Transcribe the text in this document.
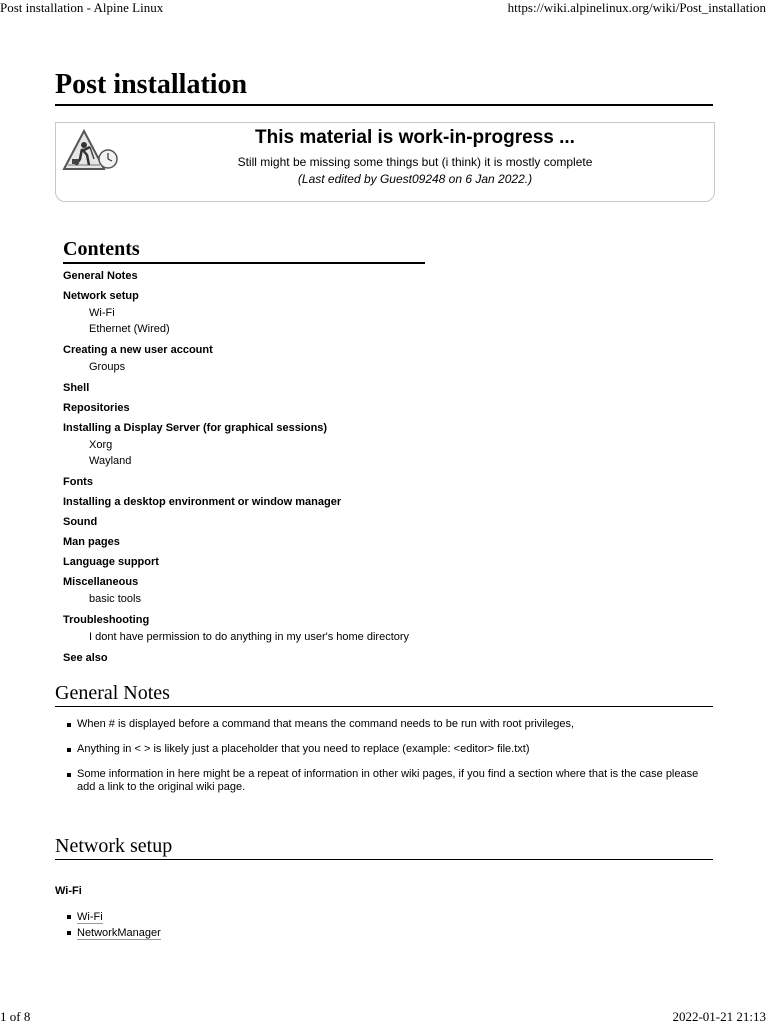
Post installation - Alpine Linux	https://wiki.alpinelinux.org/wiki/Post_installation
Post installation
This material is work-in-progress ...
Still might be missing some things but (i think) it is mostly complete
(Last edited by Guest09248 on 6 Jan 2022.)
Contents
General Notes
Network setup
Wi-Fi
Ethernet (Wired)
Creating a new user account
Groups
Shell
Repositories
Installing a Display Server (for graphical sessions)
Xorg
Wayland
Fonts
Installing a desktop environment or window manager
Sound
Man pages
Language support
Miscellaneous
basic tools
Troubleshooting
I dont have permission to do anything in my user's home directory
See also
General Notes
When # is displayed before a command that means the command needs to be run with root privileges,
Anything in < > is likely just a placeholder that you need to replace (example: <editor> file.txt)
Some information in here might be a repeat of information in other wiki pages, if you find a section where that is the case please add a link to the original wiki page.
Network setup
Wi-Fi
Wi-Fi
NetworkManager
1 of 8	2022-01-21 21:13
